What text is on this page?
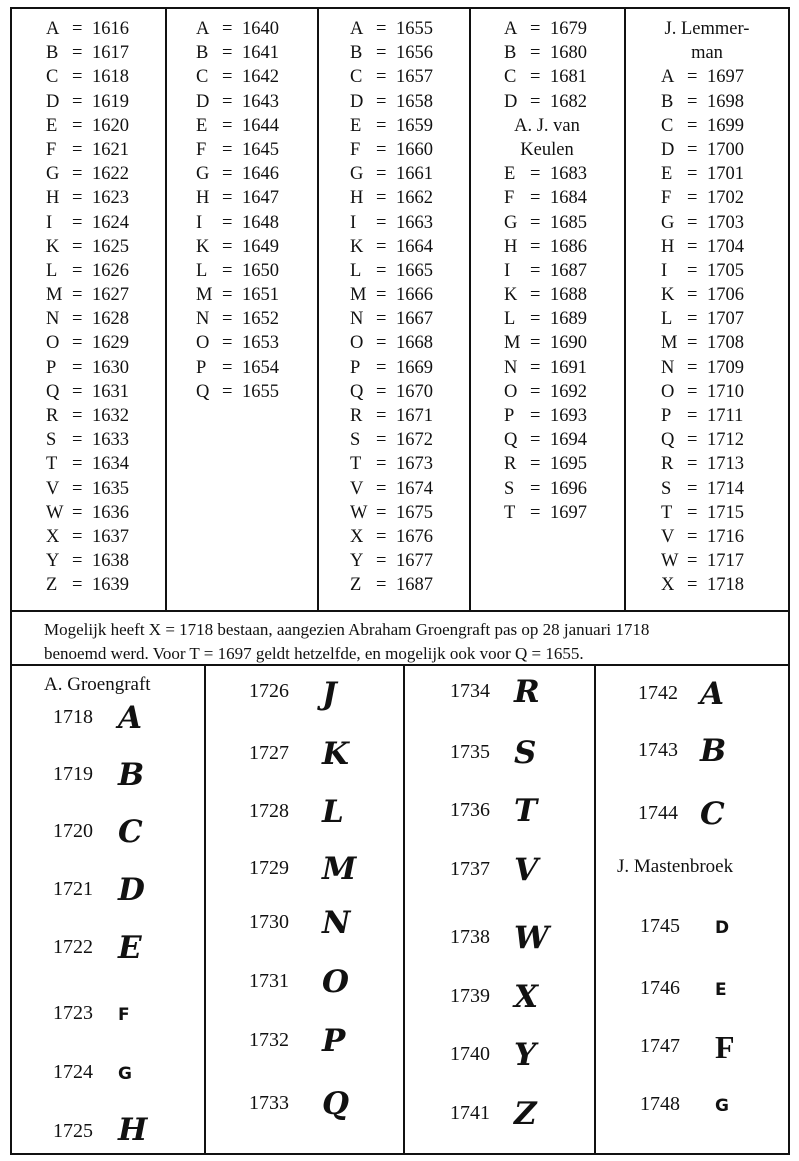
A = 1616
B = 1617
C = 1618
D = 1619
E = 1620
F = 1621
G = 1622
H = 1623
I	= 1624
K = 1625
L = 1626
M = 1627
N = 1628
O = 1629
P = 1630
Q = 1631
R = 1632
S = 1633
T = 1634
V = 1635
W = 1636
X = 1637
Y = 1638
Z = 1639
A = 1640
B = 1641
C = 1642
D = 1643
E = 1644
F = 1645
G = 1646
H = 1647
I	= 1648
K = 1649
L = 1650
M = 1651
N = 1652
O = 1653
P = 1654
Q = 1655
A = 1655
B = 1656
C = 1657
D = 1658
E = 1659
F = 1660
G = 1661
H = 1662
I	= 1663
K = 1664
L = 1665
M = 1666
N = 1667
O = 1668
P = 1669
Q = 1670
R = 1671
S = 1672
T = 1673
V = 1674
W = 1675
X = 1676
Y = 1677
Z = 1687
A = 1679
B = 1680
C = 1681
D = 1682
A. J. van
Keulen
E = 1683
F = 1684
G = 1685
H = 1686
I	= 1687
K = 1688
L = 1689
M = 1690
N = 1691
O = 1692
P = 1693
Q = 1694
R = 1695
S = 1696
T = 1697
J. Lemmer-
man
A = 1697
B = 1698
C = 1699
D = 1700
E = 1701
F = 1702
G = 1703
H = 1704
I	= 1705
K = 1706
L = 1707
M = 1708
N = 1709
O = 1710
P = 1711
Q = 1712
R = 1713
S = 1714
T = 1715
V = 1716
W = 1717
X = 1718
Mogelijk heeft X = 1718 bestaan, aangezien Abraham Groengraft pas op 28 januari 1718
benoemd werd. Voor T = 1697 geldt hetzelfde, en mogelijk ook voor Q = 1655.
A. Groengraft
J. Mastenbroek
1718 A
1719 B
1720 C
1721 D
1722 E
1723 F
1724 G
1725 H
1726 J
1727 K
1728 L
1729 M
1730 N
1731 O
1732 P
1733 Q
1734 R
1735 S
1736 T
1737 V
1738 W
1739 X
1740 Y
1741 Z
1742 A
1743 B
1744 C
1745 D
1746 E
1747 F
1748 G
